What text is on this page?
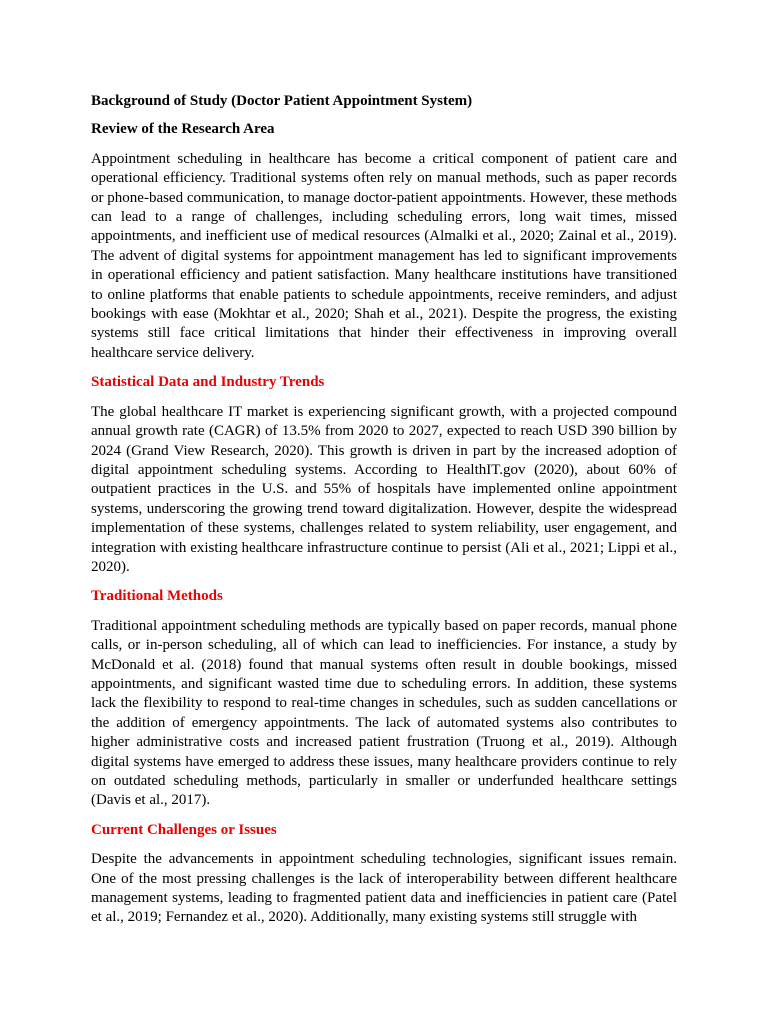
Background of Study (Doctor Patient Appointment System)

Review of the Research Area

Appointment scheduling in healthcare has become a critical component of patient care and operational efficiency. Traditional systems often rely on manual methods, such as paper records or phone-based communication, to manage doctor-patient appointments. However, these methods can lead to a range of challenges, including scheduling errors, long wait times, missed appointments, and inefficient use of medical resources (Almalki et al., 2020; Zainal et al., 2019). The advent of digital systems for appointment management has led to significant improvements in operational efficiency and patient satisfaction. Many healthcare institutions have transitioned to online platforms that enable patients to schedule appointments, receive reminders, and adjust bookings with ease (Mokhtar et al., 2020; Shah et al., 2021). Despite the progress, the existing systems still face critical limitations that hinder their effectiveness in improving overall healthcare service delivery.

Statistical Data and Industry Trends

The global healthcare IT market is experiencing significant growth, with a projected compound annual growth rate (CAGR) of 13.5% from 2020 to 2027, expected to reach USD 390 billion by 2024 (Grand View Research, 2020). This growth is driven in part by the increased adoption of digital appointment scheduling systems. According to HealthIT.gov (2020), about 60% of outpatient practices in the U.S. and 55% of hospitals have implemented online appointment systems, underscoring the growing trend toward digitalization. However, despite the widespread implementation of these systems, challenges related to system reliability, user engagement, and integration with existing healthcare infrastructure continue to persist (Ali et al., 2021; Lippi et al., 2020).

Traditional Methods

Traditional appointment scheduling methods are typically based on paper records, manual phone calls, or in-person scheduling, all of which can lead to inefficiencies. For instance, a study by McDonald et al. (2018) found that manual systems often result in double bookings, missed appointments, and significant wasted time due to scheduling errors. In addition, these systems lack the flexibility to respond to real-time changes in schedules, such as sudden cancellations or the addition of emergency appointments. The lack of automated systems also contributes to higher administrative costs and increased patient frustration (Truong et al., 2019). Although digital systems have emerged to address these issues, many healthcare providers continue to rely on outdated scheduling methods, particularly in smaller or underfunded healthcare settings (Davis et al., 2017).

Current Challenges or Issues

Despite the advancements in appointment scheduling technologies, significant issues remain. One of the most pressing challenges is the lack of interoperability between different healthcare management systems, leading to fragmented patient data and inefficiencies in patient care (Patel et al., 2019; Fernandez et al., 2020). Additionally, many existing systems still struggle with
